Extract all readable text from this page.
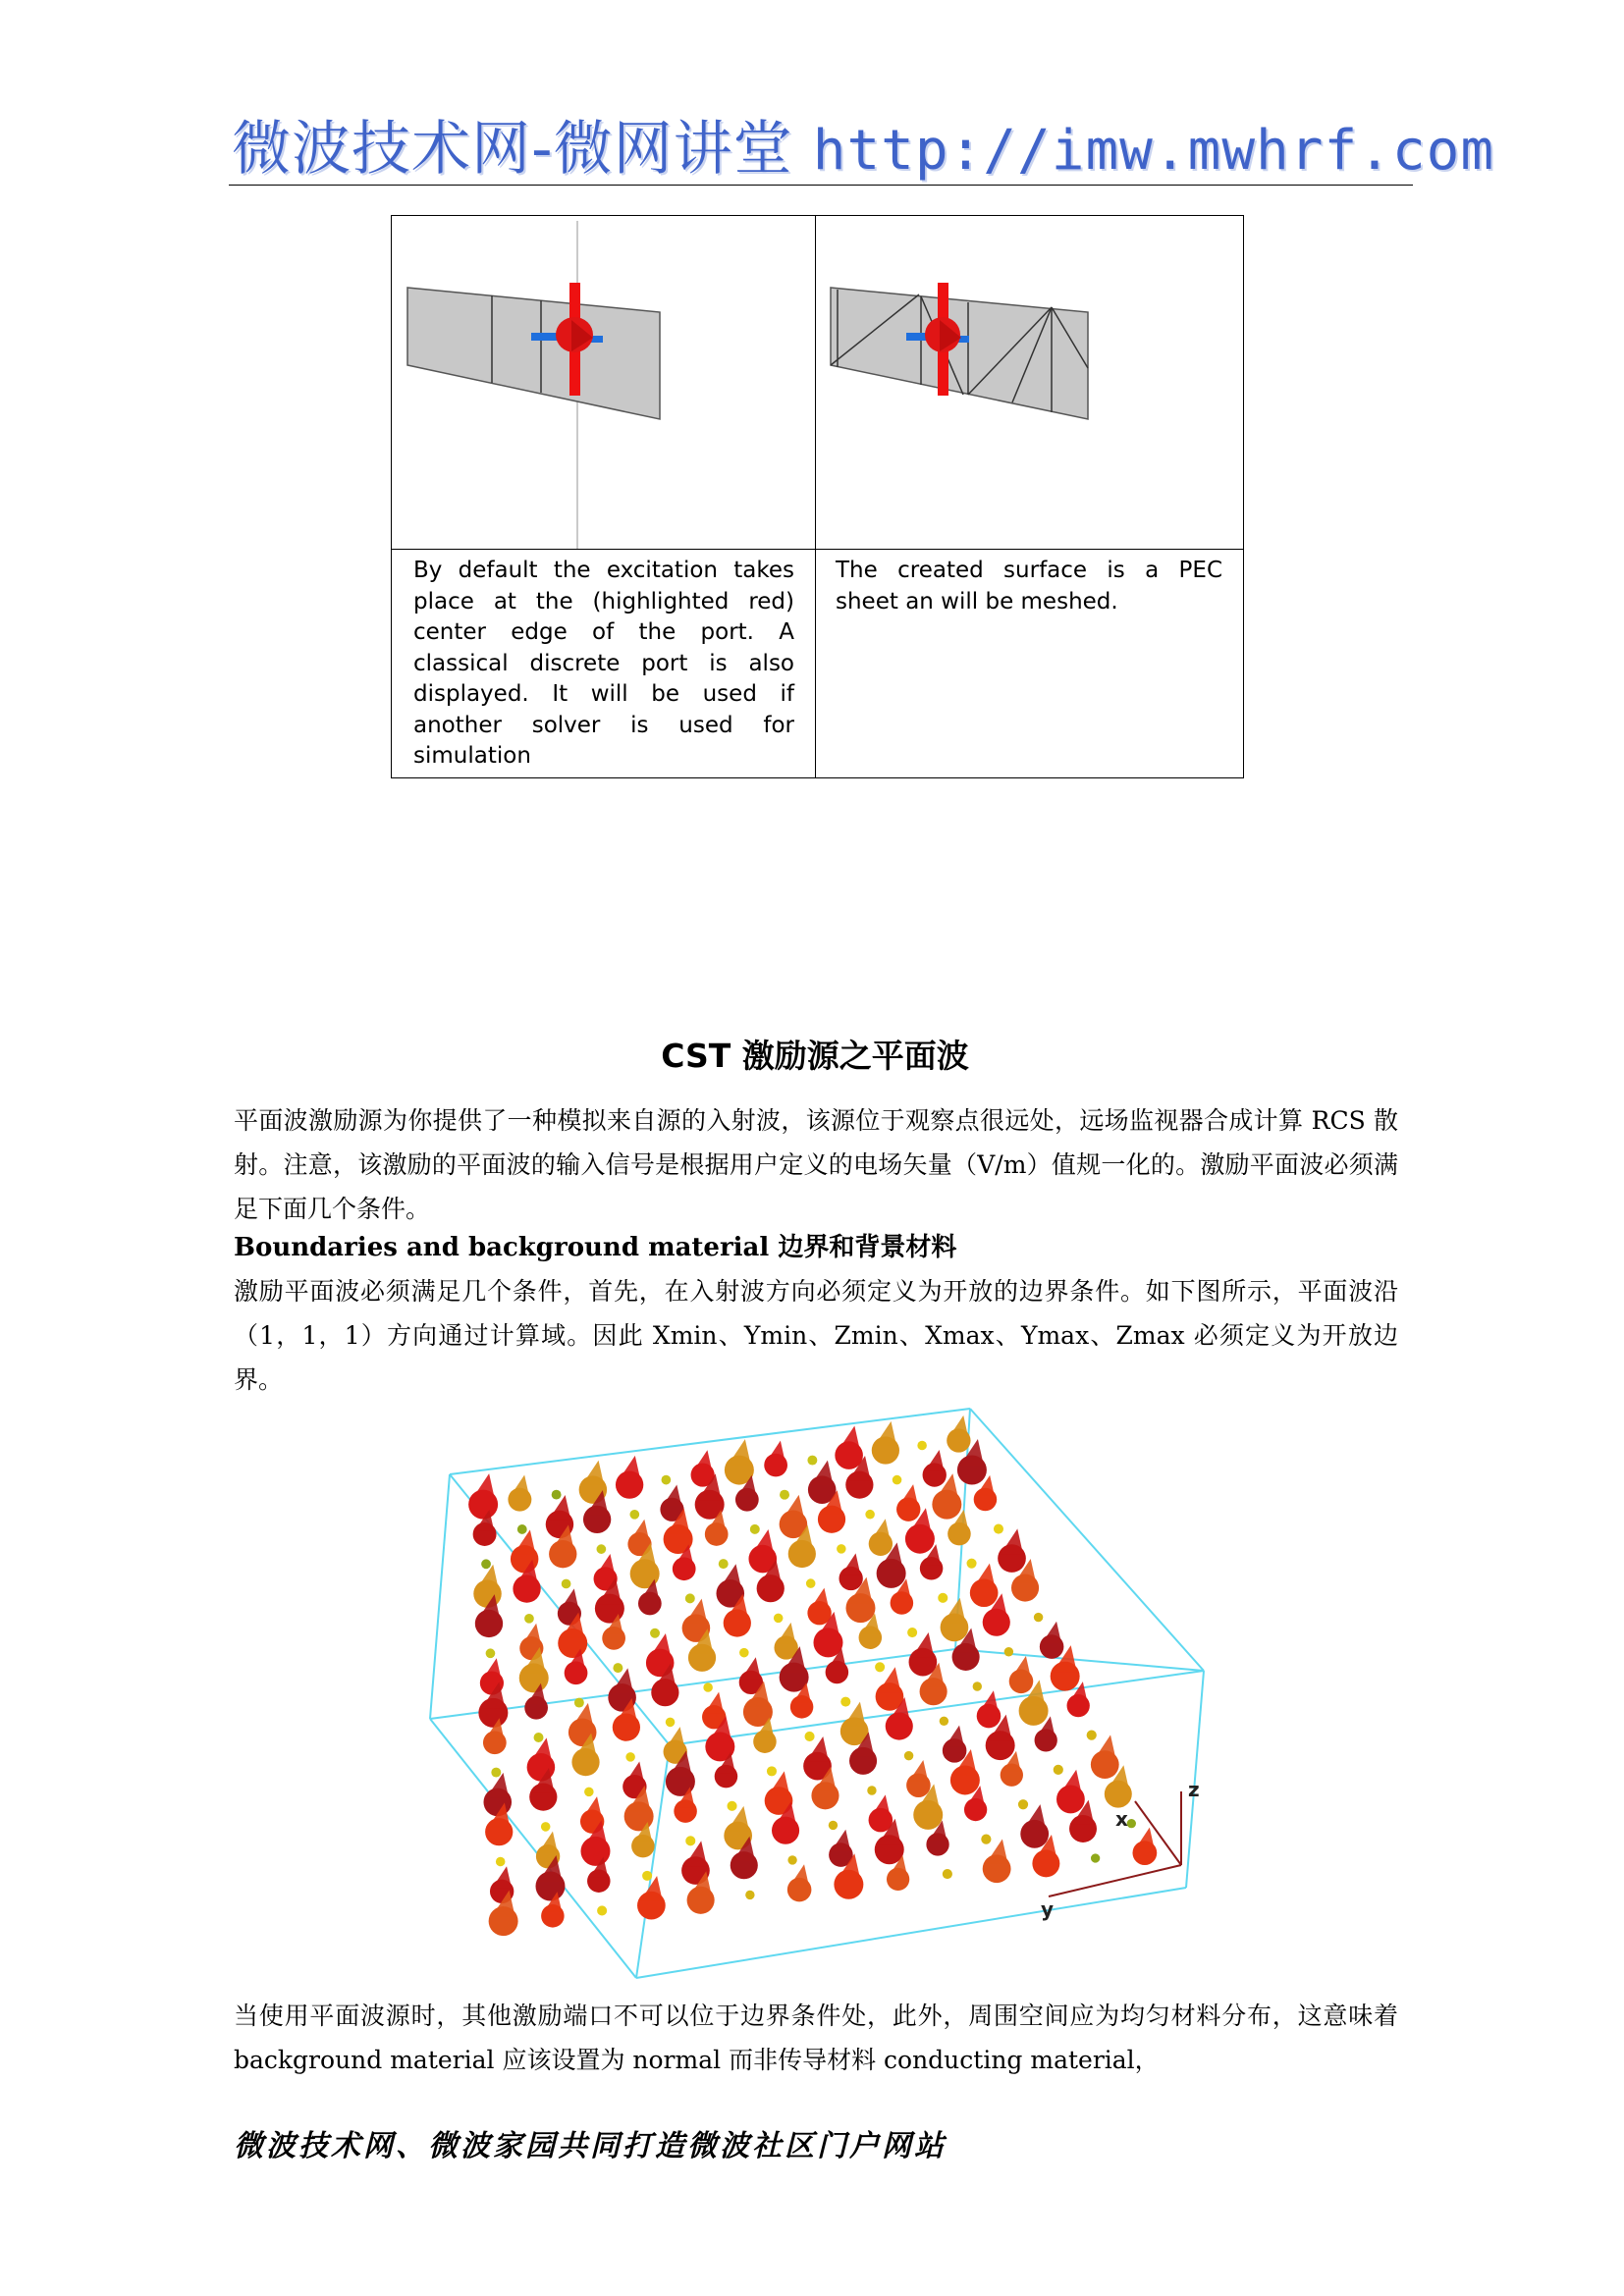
微波技术网-微网讲堂 http://imw.mwhrf.com
By default the excitation takes place at the (highlighted red) center edge of the port. A classical discrete port is also displayed. It will be used if another solver is used for simulation
The created surface is a PEC sheet an will be meshed.
CST 激励源之平面波
平面波激励源为你提供了一种模拟来自源的入射波，该源位于观察点很远处，远场监视器合成计算 RCS 散射。注意，该激励的平面波的输入信号是根据用户定义的电场矢量（V/m）值规一化的。激励平面波必须满足下面几个条件。
Boundaries and background material 边界和背景材料
激励平面波必须满足几个条件，首先，在入射波方向必须定义为开放的边界条件。如下图所示，平面波沿（1，1，1）方向通过计算域。因此 Xmin、Ymin、Zmin、Xmax、Ymax、Zmax 必须定义为开放边界。
z
x
y
当使用平面波源时，其他激励端口不可以位于边界条件处，此外，周围空间应为均匀材料分布，这意味着 background material 应该设置为 normal 而非传导材料 conducting material，
微波技术网、微波家园共同打造微波社区门户网站
